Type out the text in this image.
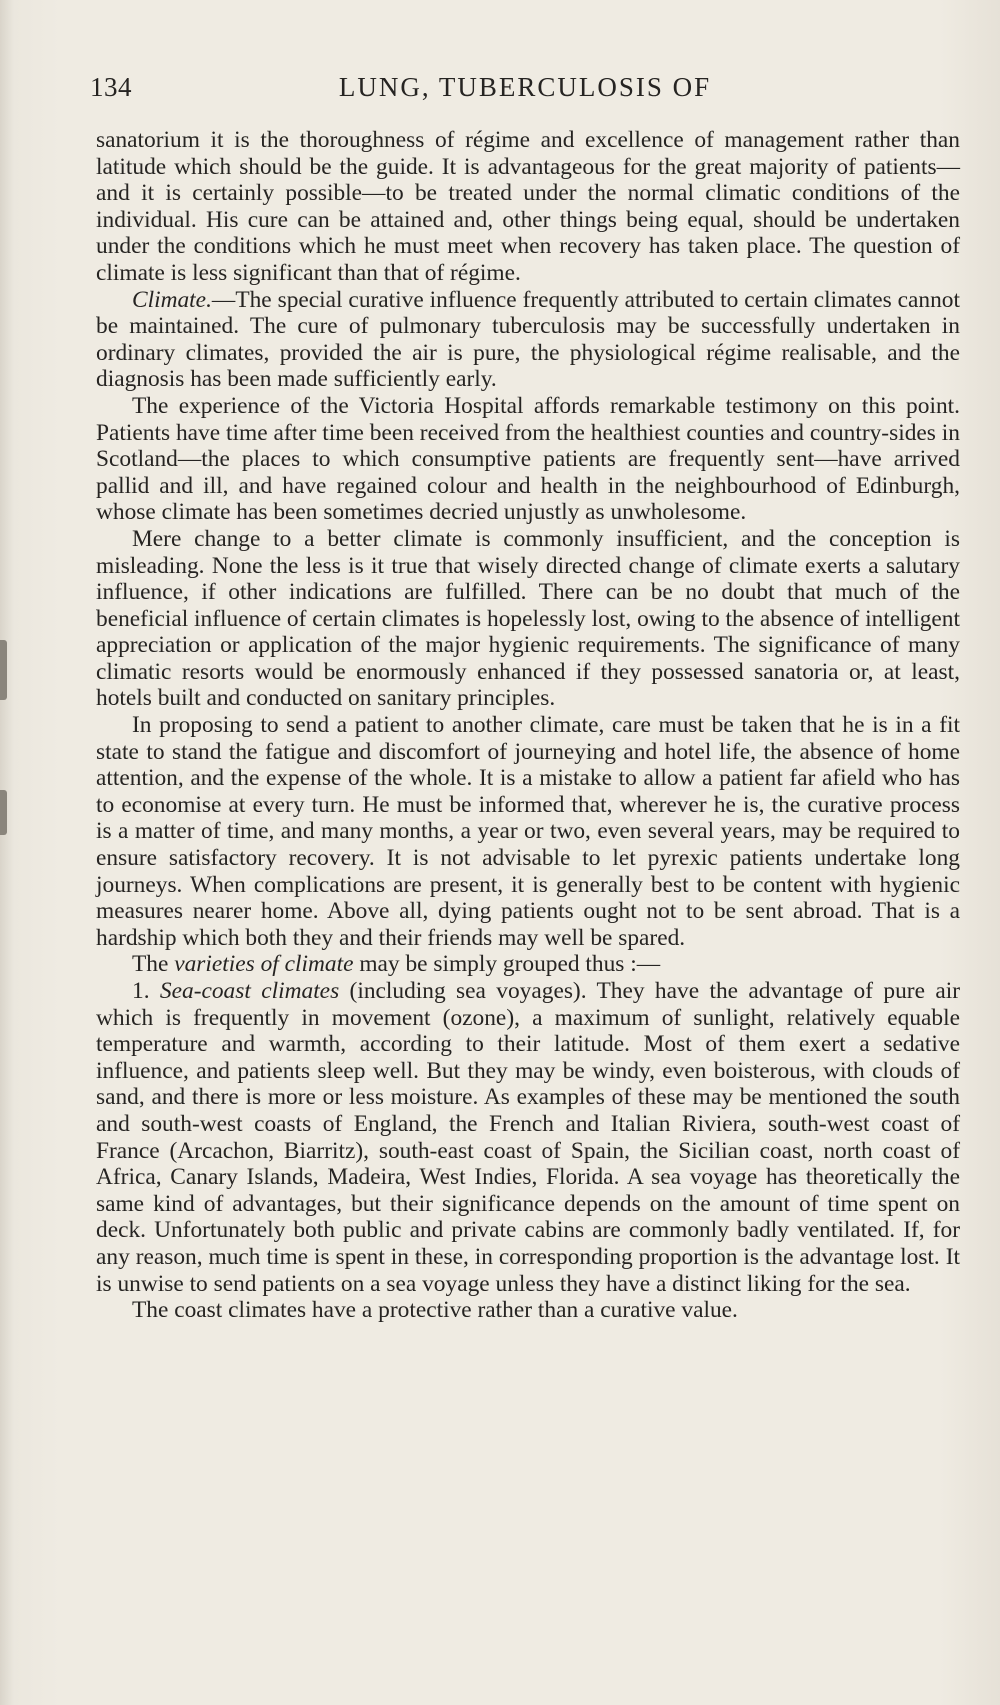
134	LUNG, TUBERCULOSIS OF

sanatorium it is the thoroughness of régime and excellence of management rather than latitude which should be the guide. It is advantageous for the great majority of patients—and it is certainly possible—to be treated under the normal climatic conditions of the individual. His cure can be attained and, other things being equal, should be undertaken under the conditions which he must meet when recovery has taken place. The question of climate is less significant than that of régime.

Climate.—The special curative influence frequently attributed to certain climates cannot be maintained. The cure of pulmonary tuberculosis may be successfully undertaken in ordinary climates, provided the air is pure, the physiological régime realisable, and the diagnosis has been made sufficiently early.

The experience of the Victoria Hospital affords remarkable testimony on this point. Patients have time after time been received from the healthiest counties and country-sides in Scotland—the places to which consumptive patients are frequently sent—have arrived pallid and ill, and have regained colour and health in the neighbourhood of Edinburgh, whose climate has been sometimes decried unjustly as unwholesome.

Mere change to a better climate is commonly insufficient, and the conception is misleading. None the less is it true that wisely directed change of climate exerts a salutary influence, if other indications are fulfilled. There can be no doubt that much of the beneficial influence of certain climates is hopelessly lost, owing to the absence of intelligent appreciation or application of the major hygienic requirements. The significance of many climatic resorts would be enormously enhanced if they possessed sanatoria or, at least, hotels built and conducted on sanitary principles.

In proposing to send a patient to another climate, care must be taken that he is in a fit state to stand the fatigue and discomfort of journeying and hotel life, the absence of home attention, and the expense of the whole. It is a mistake to allow a patient far afield who has to economise at every turn. He must be informed that, wherever he is, the curative process is a matter of time, and many months, a year or two, even several years, may be required to ensure satisfactory recovery. It is not advisable to let pyrexic patients undertake long journeys. When complications are present, it is generally best to be content with hygienic measures nearer home. Above all, dying patients ought not to be sent abroad. That is a hardship which both they and their friends may well be spared.

The varieties of climate may be simply grouped thus :—

1. Sea-coast climates (including sea voyages). They have the advantage of pure air which is frequently in movement (ozone), a maximum of sunlight, relatively equable temperature and warmth, according to their latitude. Most of them exert a sedative influence, and patients sleep well. But they may be windy, even boisterous, with clouds of sand, and there is more or less moisture. As examples of these may be mentioned the south and south-west coasts of England, the French and Italian Riviera, south-west coast of France (Arcachon, Biarritz), south-east coast of Spain, the Sicilian coast, north coast of Africa, Canary Islands, Madeira, West Indies, Florida. A sea voyage has theoretically the same kind of advantages, but their significance depends on the amount of time spent on deck. Unfortunately both public and private cabins are commonly badly ventilated. If, for any reason, much time is spent in these, in corresponding proportion is the advantage lost. It is unwise to send patients on a sea voyage unless they have a distinct liking for the sea.

The coast climates have a protective rather than a curative value.
